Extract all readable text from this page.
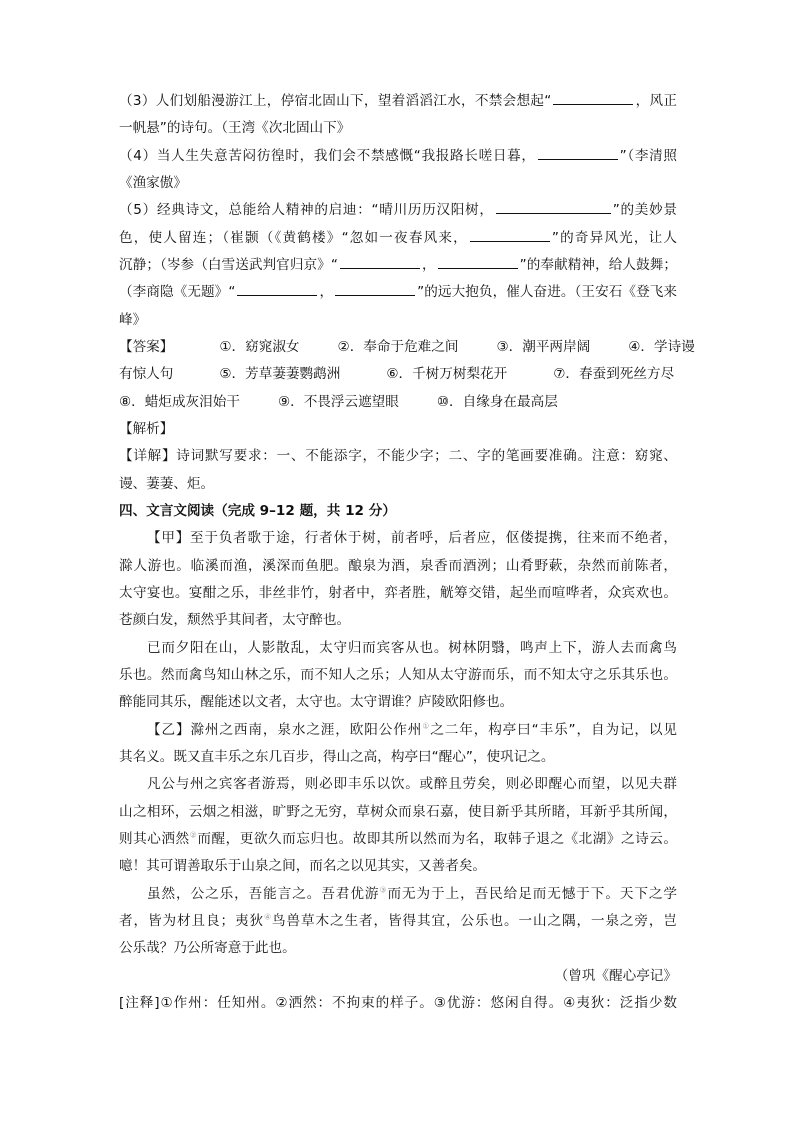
（3）人们划船漫游江上，停宿北固山下，望着滔滔江水，不禁会想起“	，风正
一帆悬”的诗句。（王湾《次北固山下》
（4）当人生失意苦闷彷徨时，我们会不禁感慨“我报路长嗟日暮，	”（李清照
《渔家傲》
（5）经典诗文，总能给人精神的启迪：“晴川历历汉阳树，	”的美妙景
色，使人留连；（崔颢（《黄鹤楼》“忽如一夜春风来，	”的奇异风光，让人
沉静；（岑参（白雪送武判官归京》“	，	”的奉献精神，给人鼓舞；
（李商隐《无题》“	，	”的远大抱负，催人奋进。（王安石《登飞来
峰》
【答案】	①．窈窕淑女	②．奉命于危难之间	③．潮平两岸阔	④．学诗谩
有惊人句	⑤．芳草萋萋鹦鹉洲	⑥．千树万树梨花开	⑦．春蚕到死丝方尽
⑧．蜡炬成灰泪始干	⑨．不畏浮云遮望眼	⑩．自缘身在最高层
【解析】
【详解】诗词默写要求：一、不能添字，不能少字；二、字的笔画要准确。注意：窈窕、
谩、萋萋、炬。
四、文言文阅读（完成 9–12 题，共 12 分）
【甲】至于负者歌于途，行者休于树，前者呼，后者应，伛偻提携，往来而不绝者，
滁人游也。临溪而渔，溪深而鱼肥。酿泉为酒，泉香而酒洌；山肴野蔌，杂然而前陈者，
太守宴也。宴酣之乐，非丝非竹，射者中，弈者胜，觥筹交错，起坐而喧哗者，众宾欢也。
苍颜白发，颓然乎其间者，太守醉也。
已而夕阳在山，人影散乱，太守归而宾客从也。树林阴翳，鸣声上下，游人去而禽鸟
乐也。然而禽鸟知山林之乐，而不知人之乐；人知从太守游而乐，而不知太守之乐其乐也。
醉能同其乐，醒能述以文者，太守也。太守谓谁？庐陵欧阳修也。
【乙】滁州之西南，泉水之涯，欧阳公作州①之二年，构亭曰“丰乐”，自为记，以见
其名义。既又直丰乐之东几百步，得山之高，构亭曰“醒心”，使巩记之。
凡公与州之宾客者游焉，则必即丰乐以饮。或醉且劳矣，则必即醒心而望，以见夫群
山之相环，云烟之相滋，旷野之无穷，草树众而泉石嘉，使目新乎其所睹，耳新乎其所闻，
则其心洒然②而醒，更欲久而忘归也。故即其所以然而为名，取韩子退之《北湖》之诗云。
噫！其可谓善取乐于山泉之间，而名之以见其实，又善者矣。
虽然，公之乐，吾能言之。吾君优游③而无为于上，吾民给足而无憾于下。天下之学
者，皆为材且良；夷狄④鸟兽草木之生者，皆得其宜，公乐也。一山之隅，一泉之旁，岂
公乐哉？乃公所寄意于此也。
（曾巩《醒心亭记》
[注释]①作州：任知州。②洒然：不拘束的样子。③优游：悠闲自得。④夷狄：泛指少数
